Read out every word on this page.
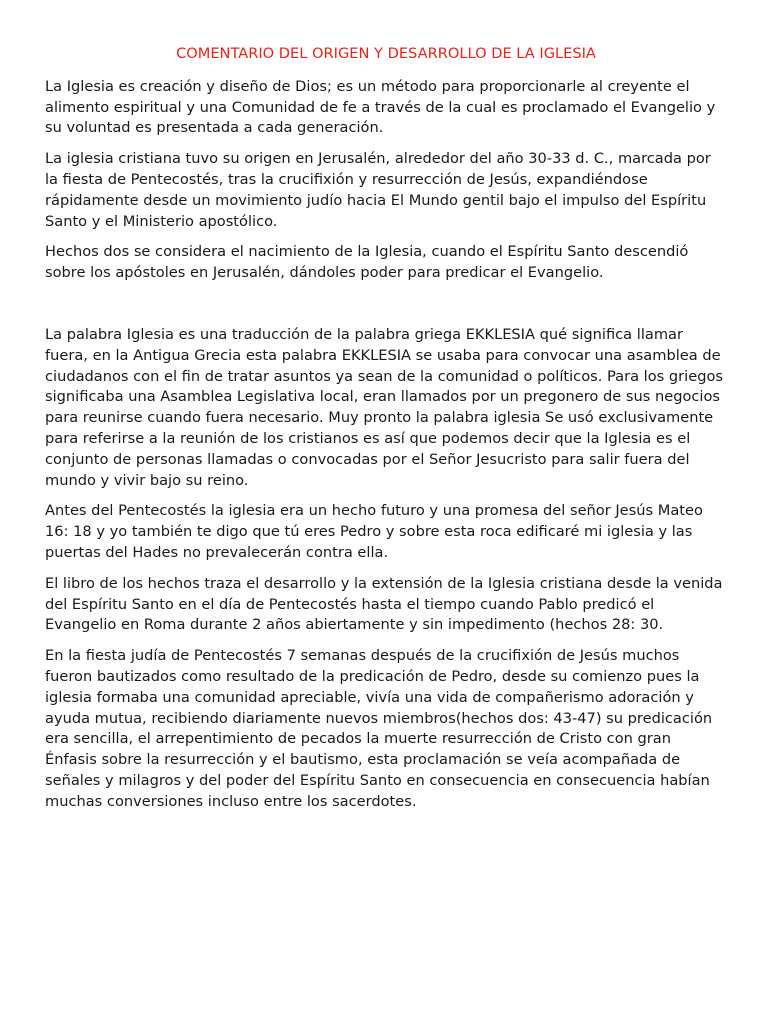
COMENTARIO DEL ORIGEN Y DESARROLLO DE LA IGLESIA

La Iglesia es creación y diseño de Dios; es un método para proporcionarle al creyente el alimento espiritual y una Comunidad de fe a través de la cual es proclamado el Evangelio y su voluntad es presentada a cada generación.

La iglesia cristiana tuvo su origen en Jerusalén, alrededor del año 30-33 d. C., marcada por la fiesta de Pentecostés, tras la crucifixión y resurrección de Jesús, expandiéndose rápidamente desde un movimiento judío hacia El Mundo gentil bajo el impulso del Espíritu Santo y el Ministerio apostólico.

Hechos dos se considera el nacimiento de la Iglesia, cuando el Espíritu Santo descendió sobre los apóstoles en Jerusalén, dándoles poder para predicar el Evangelio.

La palabra Iglesia es una traducción de la palabra griega EKKLESIA qué significa llamar fuera, en la Antigua Grecia esta palabra EKKLESIA se usaba para convocar una asamblea de ciudadanos con el fin de tratar asuntos ya sean de la comunidad o políticos. Para los griegos significaba una Asamblea Legislativa local, eran llamados por un pregonero de sus negocios para reunirse cuando fuera necesario. Muy pronto la palabra iglesia Se usó exclusivamente para referirse a la reunión de los cristianos es así que podemos decir que la Iglesia es el conjunto de personas llamadas o convocadas por el Señor Jesucristo para salir fuera del mundo y vivir bajo su reino.

Antes del Pentecostés la iglesia era un hecho futuro y una promesa del señor Jesús Mateo 16: 18 y yo también te digo que tú eres Pedro y sobre esta roca edificaré mi iglesia y las puertas del Hades no prevalecerán contra ella.

El libro de los hechos traza el desarrollo y la extensión de la Iglesia cristiana desde la venida del Espíritu Santo en el día de Pentecostés hasta el tiempo cuando Pablo predicó el Evangelio en Roma durante 2 años abiertamente y sin impedimento (hechos 28: 30.

En la fiesta judía de Pentecostés 7 semanas después de la crucifixión de Jesús muchos fueron bautizados como resultado de la predicación de Pedro, desde su comienzo pues la iglesia formaba una comunidad apreciable, vivía una vida de compañerismo adoración y ayuda mutua, recibiendo diariamente nuevos miembros(hechos dos: 43-47) su predicación era sencilla, el arrepentimiento de pecados la muerte resurrección de Cristo con gran Énfasis sobre la resurrección y el bautismo, esta proclamación se veía acompañada de señales y milagros y del poder del Espíritu Santo en consecuencia en consecuencia habían muchas conversiones incluso entre los sacerdotes.
